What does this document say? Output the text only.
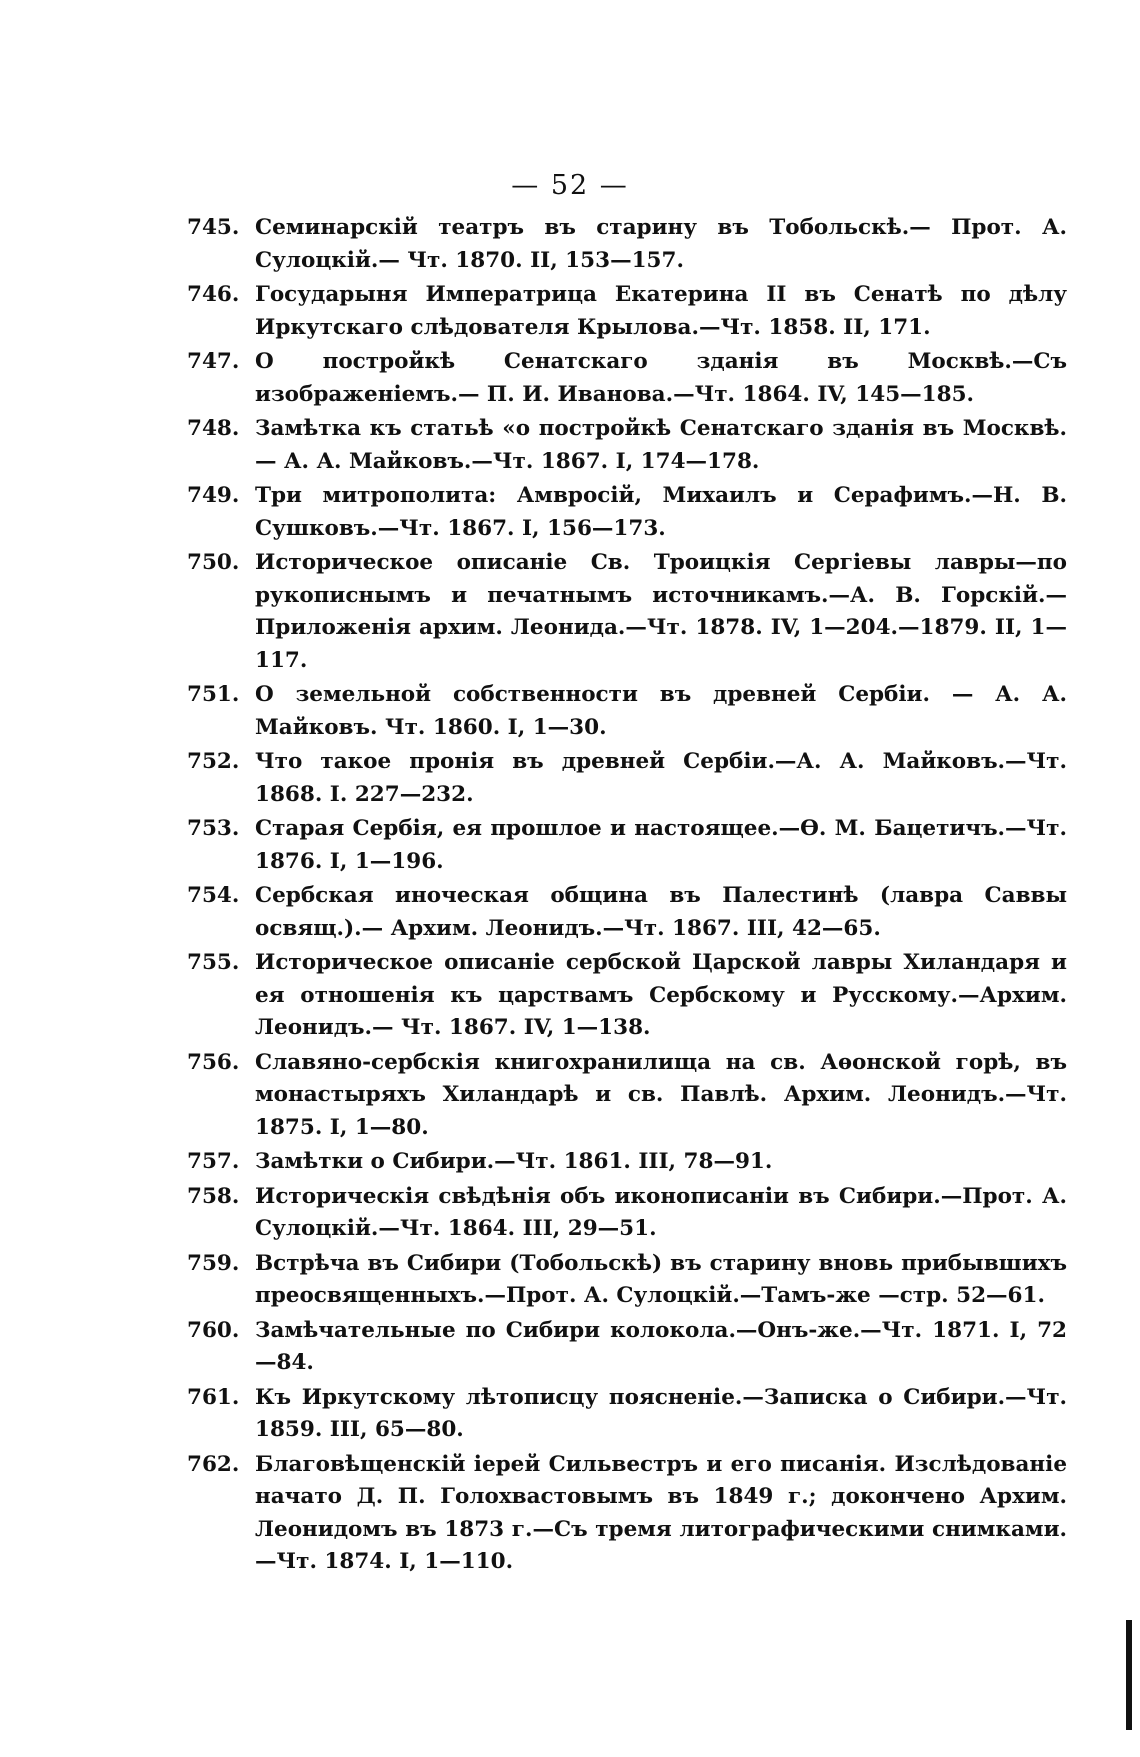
— 52 —
745. Семинарскій театръ въ старину въ Тобольскѣ.— Прот. А. Сулоцкій.— Чт. 1870. II, 153—157.
746. Государыня Императрица Екатерина II въ Сенатѣ по дѣлу Иркутскаго слѣдователя Крылова.—Чт. 1858. II, 171.
747. О постройкѣ Сенатскаго зданія въ Москвѣ.—Съ изображеніемъ.— П. И. Иванова.—Чт. 1864. IV, 145—185.
748. Замѣтка къ статьѣ «о постройкѣ Сенатскаго зданія въ Москвѣ.— А. А. Майковъ.—Чт. 1867. I, 174—178.
749. Три митрополита: Амвросій, Михаилъ и Серафимъ.—Н. В. Сушковъ.—Чт. 1867. I, 156—173.
750. Историческое описаніе Св. Троицкія Сергіевы лавры—по рукописнымъ и печатнымъ источникамъ.—А. В. Горскій.—Приложенія архим. Леонида.—Чт. 1878. IV, 1—204.—1879. II, 1—117.
751. О земельной собственности въ древней Сербіи. — А. А. Майковъ. Чт. 1860. I, 1—30.
752. Что такое пронія въ древней Сербіи.—А. А. Майковъ.—Чт. 1868. I. 227—232.
753. Старая Сербія, ея прошлое и настоящее.—Ѳ. М. Бацетичъ.—Чт. 1876. I, 1—196.
754. Сербская иноческая община въ Палестинѣ (лавра Саввы освящ.).— Архим. Леонидъ.—Чт. 1867. III, 42—65.
755. Историческое описаніе сербской Царской лавры Хиландаря и ея отношенія къ царствамъ Сербскому и Русскому.—Архим. Леонидъ.— Чт. 1867. IV, 1—138.
756. Славяно-сербскія книгохранилища на св. Аѳонской горѣ, въ монастыряхъ Хиландарѣ и св. Павлѣ. Архим. Леонидъ.—Чт. 1875. I, 1—80.
757. Замѣтки о Сибири.—Чт. 1861. III, 78—91.
758. Историческія свѣдѣнія объ иконописаніи въ Сибири.—Прот. А. Сулоцкій.—Чт. 1864. III, 29—51.
759. Встрѣча въ Сибири (Тобольскѣ) въ старину вновь прибывшихъ преосвященныхъ.—Прот. А. Сулоцкій.—Тамъ-же —стр. 52—61.
760. Замѣчательные по Сибири колокола.—Онъ-же.—Чт. 1871. I, 72—84.
761. Къ Иркутскому лѣтописцу поясненіе.—Записка о Сибири.—Чт. 1859. III, 65—80.
762. Благовѣщенскій іерей Сильвестръ и его писанія. Изслѣдованіе начато Д. П. Голохвастовымъ въ 1849 г.; докончено Архим. Леонидомъ въ 1873 г.—Съ тремя литографическими снимками.—Чт. 1874. I, 1—110.
